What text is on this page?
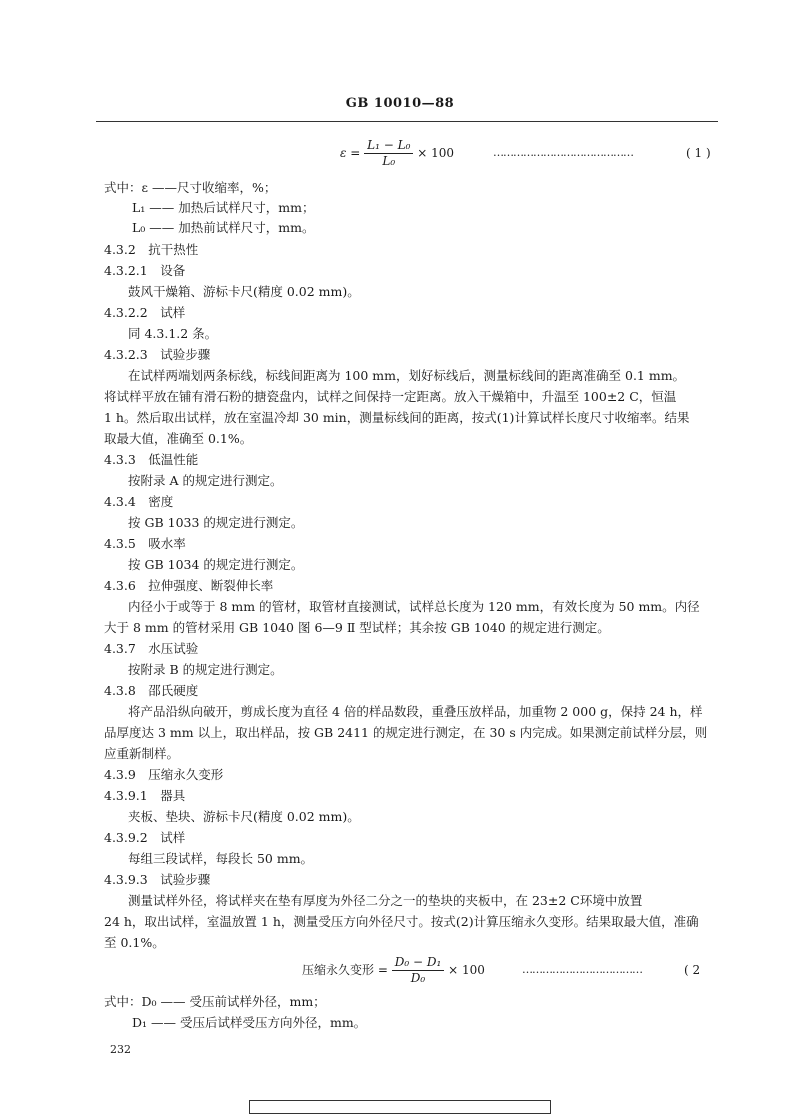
GB 10010—88
$\varepsilon = \frac{\text{L₁ − L₀}}{\text{L₀}} \times 100$	……………………………………	( 1 )
式中：ε ——尺寸收缩率，%；
L₁ —— 加热后试样尺寸，mm；
L₀ —— 加热前试样尺寸，mm。
4.3.2　抗干热性
4.3.2.1　设备
鼓风干燥箱、游标卡尺(精度 0.02 mm)。
4.3.2.2　试样
同 4.3.1.2 条。
4.3.2.3　试验步骤
在试样两端划两条标线，标线间距离为 100 mm，划好标线后，测量标线间的距离准确至 0.1 mm。
将试样平放在铺有滑石粉的搪瓷盘内，试样之间保持一定距离。放入干燥箱中，升温至 100±2 C，恒温
1 h。然后取出试样，放在室温冷却 30 min，测量标线间的距离，按式(1)计算试样长度尺寸收缩率。结果
取最大值，准确至 0.1%。
4.3.3　低温性能
按附录 A 的规定进行测定。
4.3.4　密度
按 GB 1033 的规定进行测定。
4.3.5　吸水率
按 GB 1034 的规定进行测定。
4.3.6　拉伸强度、断裂伸长率
内径小于或等于 8 mm 的管材，取管材直接测试，试样总长度为 120 mm，有效长度为 50 mm。内径
大于 8 mm 的管材采用 GB 1040 图 6—9 Ⅱ 型试样；其余按 GB 1040 的规定进行测定。
4.3.7　水压试验
按附录 B 的规定进行测定。
4.3.8　邵氏硬度
将产品沿纵向破开，剪成长度为直径 4 倍的样品数段，重叠压放样品，加重物 2 000 g，保持 24 h，样
品厚度达 3 mm 以上，取出样品，按 GB 2411 的规定进行测定，在 30 s 内完成。如果测定前试样分层，则
应重新制样。
4.3.9　压缩永久变形
4.3.9.1　器具
夹板、垫块、游标卡尺(精度 0.02 mm)。
4.3.9.2　试样
每组三段试样，每段长 50 mm。
4.3.9.3　试验步骤
测量试样外径，将试样夹在垫有厚度为外径二分之一的垫块的夹板中，在 23±2 C环境中放置
24 h，取出试样，室温放置 1 h，测量受压方向外径尺寸。按式(2)计算压缩永久变形。结果取最大值，准确
至 0.1%。
压缩永久变形 = $\frac{\text{D₀ − D₁}}{\text{D₀}} \times 100$	………………………………	( 2
式中：D₀ —— 受压前试样外径，mm；
D₁ —— 受压后试样受压方向外径，mm。
232
